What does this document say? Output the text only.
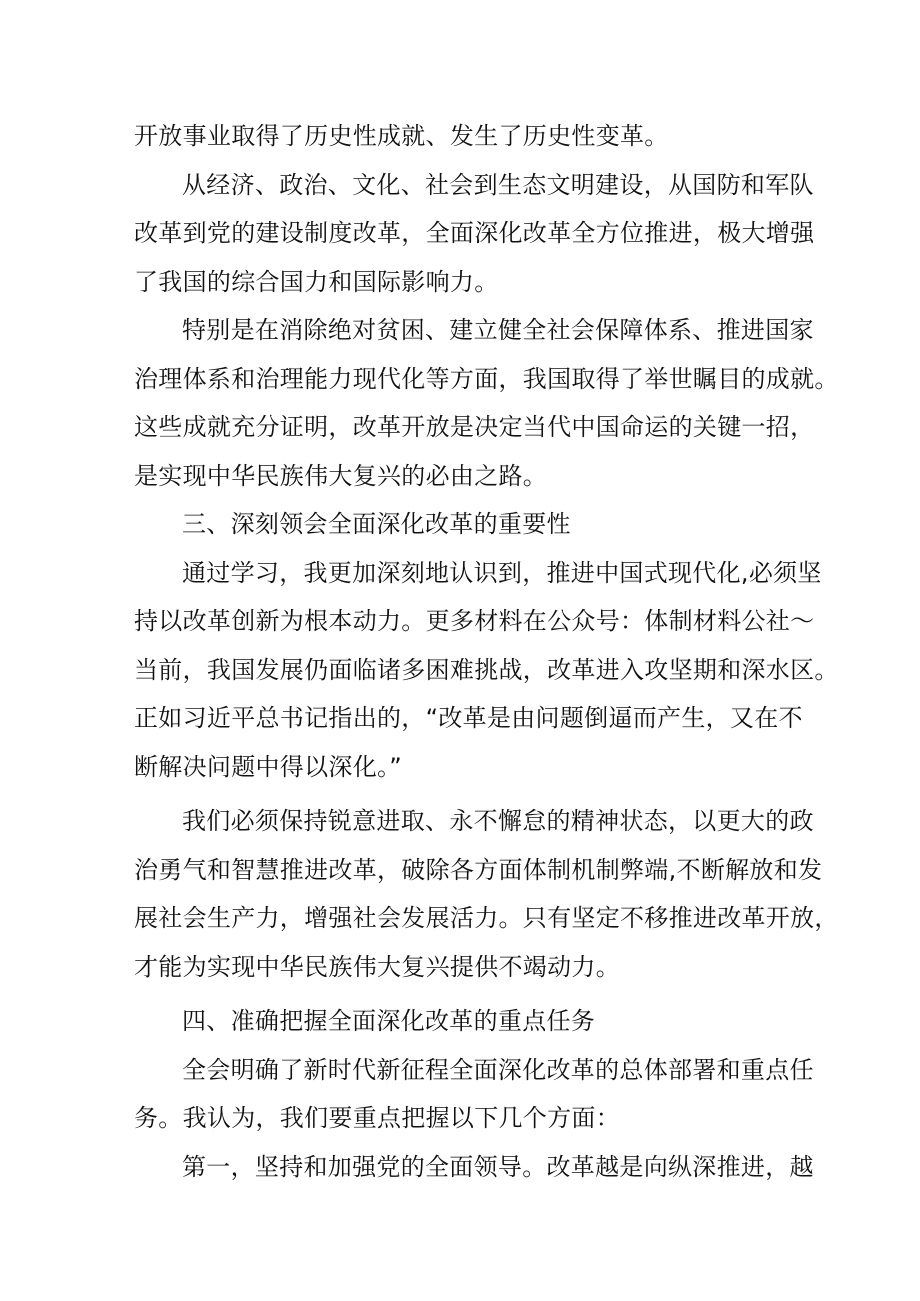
开放事业取得了历史性成就、发生了历史性变革。
从经济、政治、文化、社会到生态文明建设，从国防和军队
改革到党的建设制度改革，全面深化改革全方位推进，极大增强
了我国的综合国力和国际影响力。
特别是在消除绝对贫困、建立健全社会保障体系、推进国家
治理体系和治理能力现代化等方面，我国取得了举世瞩目的成就。
这些成就充分证明，改革开放是决定当代中国命运的关键一招，
是实现中华民族伟大复兴的必由之路。
三、深刻领会全面深化改革的重要性
通过学习，我更加深刻地认识到，推进中国式现代化,必须坚
持以改革创新为根本动力。更多材料在公众号：体制材料公社〜
当前，我国发展仍面临诸多困难挑战，改革进入攻坚期和深水区。
正如习近平总书记指出的，“改革是由问题倒逼而产生，又在不
断解决问题中得以深化。”
我们必须保持锐意进取、永不懈怠的精神状态，以更大的政
治勇气和智慧推进改革，破除各方面体制机制弊端,不断解放和发
展社会生产力，增强社会发展活力。只有坚定不移推进改革开放，
才能为实现中华民族伟大复兴提供不竭动力。
四、准确把握全面深化改革的重点任务
全会明确了新时代新征程全面深化改革的总体部署和重点任
务。我认为，我们要重点把握以下几个方面：
第一，坚持和加强党的全面领导。改革越是向纵深推进，越
